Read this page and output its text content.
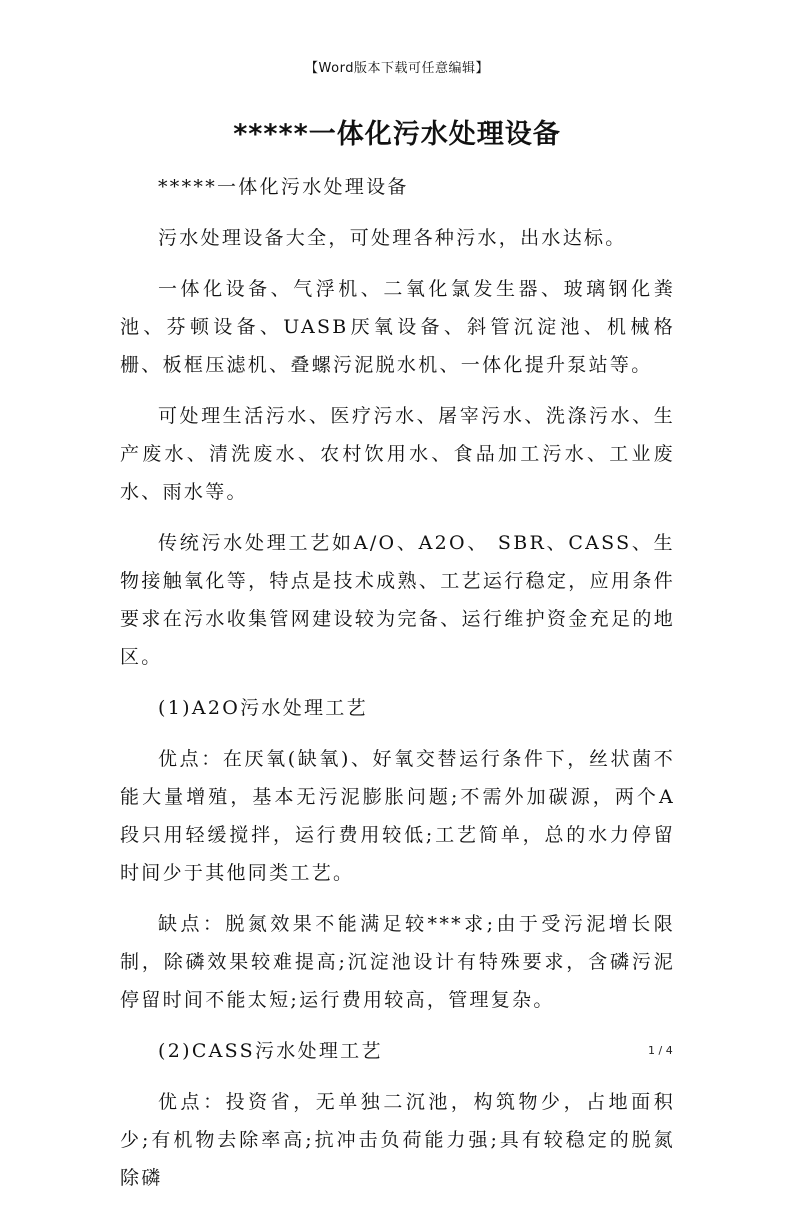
【Word版本下载可任意编辑】
*****一体化污水处理设备

*****一体化污水处理设备

污水处理设备大全，可处理各种污水，出水达标。

一体化设备、气浮机、二氧化氯发生器、玻璃钢化粪池、芬顿设备、UASB厌氧设备、斜管沉淀池、机械格栅、板框压滤机、叠螺污泥脱水机、一体化提升泵站等。

可处理生活污水、医疗污水、屠宰污水、洗涤污水、生产废水、清洗废水、农村饮用水、食品加工污水、工业废水、雨水等。

传统污水处理工艺如A/O、A2O、 SBR、CASS、生物接触氧化等，特点是技术成熟、工艺运行稳定，应用条件要求在污水收集管网建设较为完备、运行维护资金充足的地区。

(1)A2O污水处理工艺

优点：在厌氧(缺氧)、好氧交替运行条件下，丝状菌不能大量增殖，基本无污泥膨胀问题;不需外加碳源，两个A段只用轻缓搅拌，运行费用较低;工艺简单，总的水力停留时间少于其他同类工艺。

缺点：脱氮效果不能满足较***求;由于受污泥增长限制，除磷效果较难提高;沉淀池设计有特殊要求，含磷污泥停留时间不能太短;运行费用较高，管理复杂。

(2)CASS污水处理工艺

优点：投资省，无单独二沉池，构筑物少，占地面积少;有机物去除率高;抗冲击负荷能力强;具有较稳定的脱氮除磷

1 / 4
